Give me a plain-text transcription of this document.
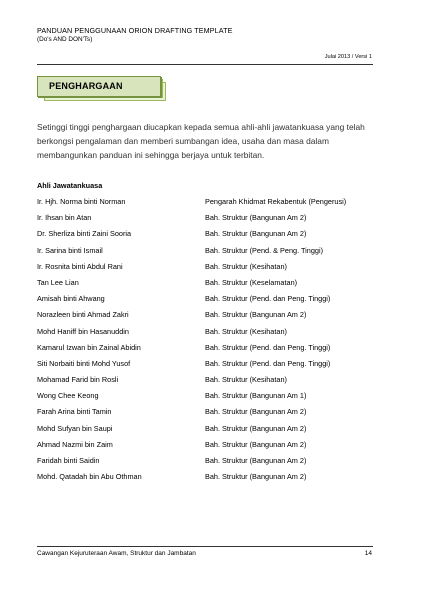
PANDUAN PENGGUNAAN ORION DRAFTING TEMPLATE
(Do's AND DON'Ts)
Julai 2013 / Versi 1
PENGHARGAAN

Setinggi tinggi penghargaan diucapkan kepada semua ahli-ahli jawatankuasa yang telah berkongsi pengalaman dan memberi sumbangan idea, usaha dan masa dalam membangunkan panduan ini sehingga berjaya untuk terbitan.

Ahli Jawatankuasa
Ir. Hjh. Norma binti Norman	Pengarah Khidmat Rekabentuk (Pengerusi)
Ir. Ihsan bin Atan	Bah. Struktur (Bangunan Am 2)
Dr. Sherliza binti Zaini Sooria	Bah. Struktur (Bangunan Am 2)
Ir. Sarina binti Ismail	Bah. Struktur (Pend. & Peng. Tinggi)
Ir. Rosnita binti Abdul Rani	Bah. Struktur (Kesihatan)
Tan Lee Lian	Bah. Struktur (Keselamatan)
Amisah binti Ahwang	Bah. Struktur (Pend. dan Peng. Tinggi)
Norazleen binti Ahmad Zakri	Bah. Struktur (Bangunan Am 2)
Mohd Haniff bin Hasanuddin	Bah. Struktur (Kesihatan)
Kamarul Izwan bin Zainal Abidin	Bah. Struktur (Pend. dan Peng. Tinggi)
Siti Norbaiti binti Mohd Yusof	Bah. Struktur (Pend. dan Peng. Tinggi)
Mohamad Farid bin Rosli	Bah. Struktur (Kesihatan)
Wong Chee Keong	Bah. Struktur (Bangunan Am 1)
Farah Arina binti Tamin	Bah. Struktur (Bangunan Am 2)
Mohd Sufyan bin Saupi	Bah. Struktur (Bangunan Am 2)
Ahmad Nazmi bin Zaim	Bah. Struktur (Bangunan Am 2)
Faridah binti Saidin	Bah. Struktur (Bangunan Am 2)
Mohd. Qatadah bin Abu Othman	Bah. Struktur (Bangunan Am 2)
Cawangan Kejuruteraan Awam, Struktur dan Jambatan	14
